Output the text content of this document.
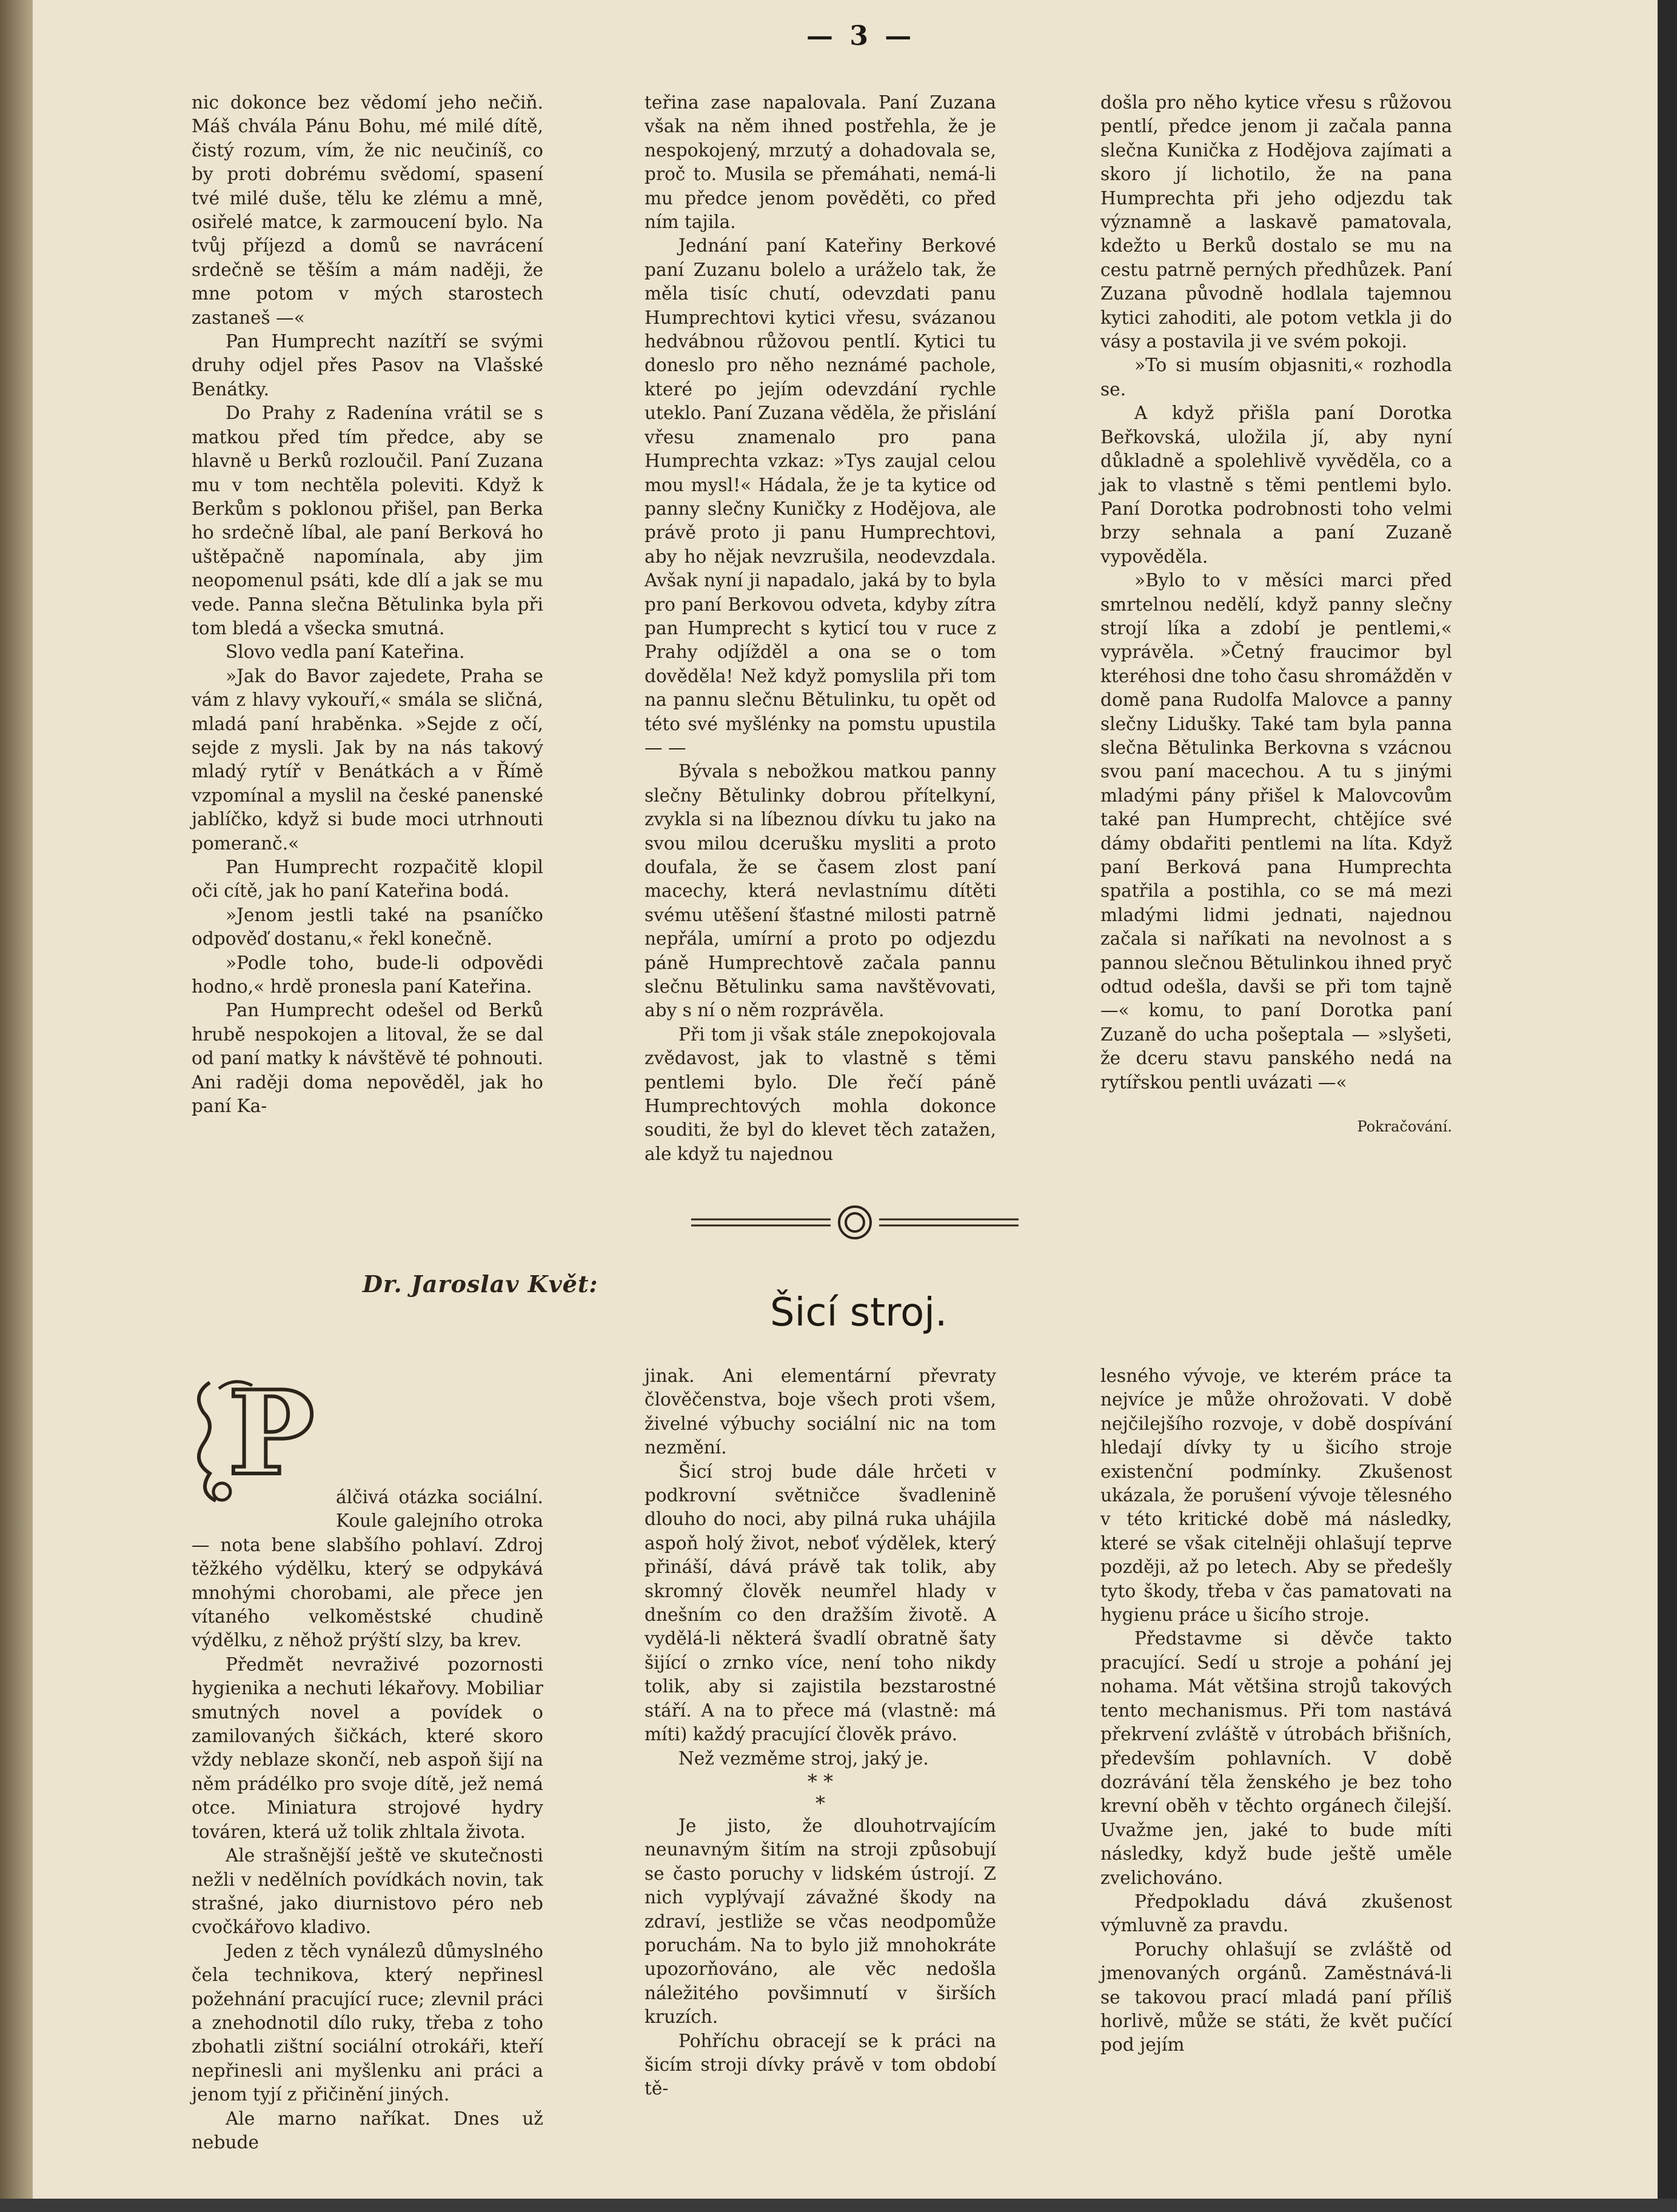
— 3 —

nic dokonce bez vědomí jeho nečiň. Máš chvála Pánu Bohu, mé milé dítě, čistý rozum, vím, že nic neučiníš, co by proti dobrému svědomí, spasení tvé milé duše, tělu ke zlému a mně, osiřelé matce, k zarmoucení bylo. Na tvůj příjezd a domů se navrácení srdečně se těším a mám naději, že mne potom v mých starostech zastaneš —«

Pan Humprecht nazítří se svými druhy odjel přes Pasov na Vlašské Benátky.

Do Prahy z Radenína vrátil se s matkou před tím předce, aby se hlavně u Berků rozloučil. Paní Zuzana mu v tom nechtěla poleviti. Když k Berkům s poklonou přišel, pan Berka ho srdečně líbal, ale paní Berková ho uštěpačně napomínala, aby jim neopomenul psáti, kde dlí a jak se mu vede. Panna slečna Bětulinka byla při tom bledá a všecka smutná.

Slovo vedla paní Kateřina.

»Jak do Bavor zajedete, Praha se vám z hlavy vykouří,« smála se sličná, mladá paní hraběnka. »Sejde z očí, sejde z mysli. Jak by na nás takový mladý rytíř v Benátkách a v Římě vzpomínal a myslil na české panenské jablíčko, když si bude moci utrhnouti pomeranč.«

Pan Humprecht rozpačitě klopil oči cítě, jak ho paní Kateřina bodá.

»Jenom jestli také na psaníčko odpověď dostanu,« řekl konečně.

»Podle toho, bude-li odpovědi hodno,« hrdě pronesla paní Kateřina.

Pan Humprecht odešel od Berků hrubě nespokojen a litoval, že se dal od paní matky k návštěvě té pohnouti. Ani raději doma nepověděl, jak ho paní Ka-

teřina zase napalovala. Paní Zuzana však na něm ihned postřehla, že je nespokojený, mrzutý a dohadovala se, proč to. Musila se přemáhati, nemá-li mu předce jenom pověděti, co před ním tajila.

Jednání paní Kateřiny Berkové paní Zuzanu bolelo a uráželo tak, že měla tisíc chutí, odevzdati panu Humprechtovi kytici vřesu, svázanou hedvábnou růžovou pentlí. Kytici tu doneslo pro něho neznámé pachole, které po jejím odevzdání rychle uteklo. Paní Zuzana věděla, že přislání vřesu znamenalo pro pana Humprechta vzkaz: »Tys zaujal celou mou mysl!« Hádala, že je ta kytice od panny slečny Kuničky z Hodějova, ale právě proto ji panu Humprechtovi, aby ho nějak nevzrušila, neodevzdala. Avšak nyní ji napadalo, jaká by to byla pro paní Berkovou odveta, kdyby zítra pan Humprecht s kyticí tou v ruce z Prahy odjížděl a ona se o tom dověděla! Než když pomyslila při tom na pannu slečnu Bětulinku, tu opět od této své myšlénky na pomstu upustila — —

Bývala s nebožkou matkou panny slečny Bětulinky dobrou přítelkyní, zvykla si na líbeznou dívku tu jako na svou milou dcerušku mysliti a proto doufala, že se časem zlost paní macechy, která nevlastnímu dítěti svému utěšení šťastné milosti patrně nepřála, umírní a proto po odjezdu páně Humprechtově začala pannu slečnu Bětulinku sama navštěvovati, aby s ní o něm rozprávěla.

Při tom ji však stále znepokojovala zvědavost, jak to vlastně s těmi pentlemi bylo. Dle řečí páně Humprechtových mohla dokonce souditi, že byl do klevet těch zatažen, ale když tu najednou

došla pro něho kytice vřesu s růžovou pentlí, předce jenom ji začala panna slečna Kunička z Hodějova zajímati a skoro jí lichotilo, že na pana Humprechta při jeho odjezdu tak významně a laskavě pamatovala, kdežto u Berků dostalo se mu na cestu patrně perných předhůzek. Paní Zuzana původně hodlala tajemnou kytici zahoditi, ale potom vetkla ji do vásy a postavila ji ve svém pokoji.

»To si musím objasniti,« rozhodla se.

A když přišla paní Dorotka Beřkovská, uložila jí, aby nyní důkladně a spolehlivě vyvěděla, co a jak to vlastně s těmi pentlemi bylo. Paní Dorotka podrobnosti toho velmi brzy sehnala a paní Zuzaně vypověděla.

»Bylo to v měsíci marci před smrtelnou nedělí, když panny slečny strojí líka a zdobí je pentlemi,« vyprávěla. »Četný fraucimor byl kteréhosi dne toho času shromážděn v domě pana Rudolfa Malovce a panny slečny Lidušky. Také tam byla panna slečna Bětulinka Berkovna s vzácnou svou paní macechou. A tu s jinými mladými pány přišel k Malovcovům také pan Humprecht, chtějíce své dámy obdařiti pentlemi na líta. Když paní Berková pana Humprechta spatřila a postihla, co se má mezi mladými lidmi jednati, najednou začala si naříkati na nevolnost a s pannou slečnou Bětulinkou ihned pryč odtud odešla, davši se při tom tajně —« komu, to paní Dorotka paní Zuzaně do ucha pošeptala — »slyšeti, že dceru stavu panského nedá na rytířskou pentli uvázati —«

Pokračování.

Dr. Jaroslav Květ:
Šicí stroj.
P	álčivá otázka sociální. Koule galejního otroka — nota bene slabšího pohlaví. Zdroj těžkého výdělku, který se odpykává mnohými chorobami, ale přece jen vítaného velkoměstské chudině výdělku, z něhož prýští slzy, ba krev.

Předmět nevraživé pozornosti hygienika a nechuti lékařovy. Mobiliar smutných novel a povídek o zamilovaných šičkách, které skoro vždy neblaze skončí, neb aspoň šijí na něm prádélko pro svoje dítě, jež nemá otce. Miniatura strojové hydry továren, která už tolik zhltala života.

Ale strašnější ještě ve skutečnosti nežli v nedělních povídkách novin, tak strašné, jako diurnistovo péro neb cvočkářovo kladivo.

Jeden z těch vynálezů důmyslného čela technikova, který nepřinesl požehnání pracující ruce; zlevnil práci a znehodnotil dílo ruky, třeba z toho zbohatli zištní sociální otrokáři, kteří nepřinesli ani myšlenku ani práci a jenom tyjí z přičinění jiných.

Ale marno naříkat. Dnes už nebude

jinak. Ani elementární převraty člověčenstva, boje všech proti všem, živelné výbuchy sociální nic na tom nezmění.

Šicí stroj bude dále hrčeti v podkrovní světničce švadlenině dlouho do noci, aby pilná ruka uhájila aspoň holý život, neboť výdělek, který přináší, dává právě tak tolik, aby skromný člověk neumřel hlady v dnešním co den dražším životě. A vydělá-li některá švadlí obratně šaty šijící o zrnko více, není toho nikdy tolik, aby si zajistila bezstarostné stáří. A na to přece má (vlastně: má míti) každý pracující člověk právo.

Než vezměme stroj, jaký je.

* *
*

Je jisto, že dlouhotrvajícím neunavným šitím na stroji způsobují se často poruchy v lidském ústrojí. Z nich vyplývají závažné škody na zdraví, jestliže se včas neodpomůže poruchám. Na to bylo již mnohokráte upozorňováno, ale věc nedošla náležitého povšimnutí v širších kruzích.

Pohříchu obracejí se k práci na šicím stroji dívky právě v tom období tě-

lesného vývoje, ve kterém práce ta nejvíce je může ohrožovati. V době nejčilejšího rozvoje, v době dospívání hledají dívky ty u šicího stroje existenční podmínky. Zkušenost ukázala, že porušení vývoje tělesného v této kritické době má následky, které se však citelněji ohlašují teprve později, až po letech. Aby se předešly tyto škody, třeba v čas pamatovati na hygienu práce u šicího stroje.

Představme si děvče takto pracující. Sedí u stroje a pohání jej nohama. Mát většina strojů takových tento mechanismus. Při tom nastává překrvení zvláště v útrobách břišních, především pohlavních. V době dozrávání těla ženského je bez toho krevní oběh v těchto orgánech čilejší. Uvažme jen, jaké to bude míti následky, když bude ještě uměle zvelichováno.

Předpokladu dává zkušenost výmluvně za pravdu.

Poruchy ohlašují se zvláště od jmenovaných orgánů. Zaměstnává-li se takovou prací mladá paní příliš horlivě, může se státi, že květ pučící pod jejím
